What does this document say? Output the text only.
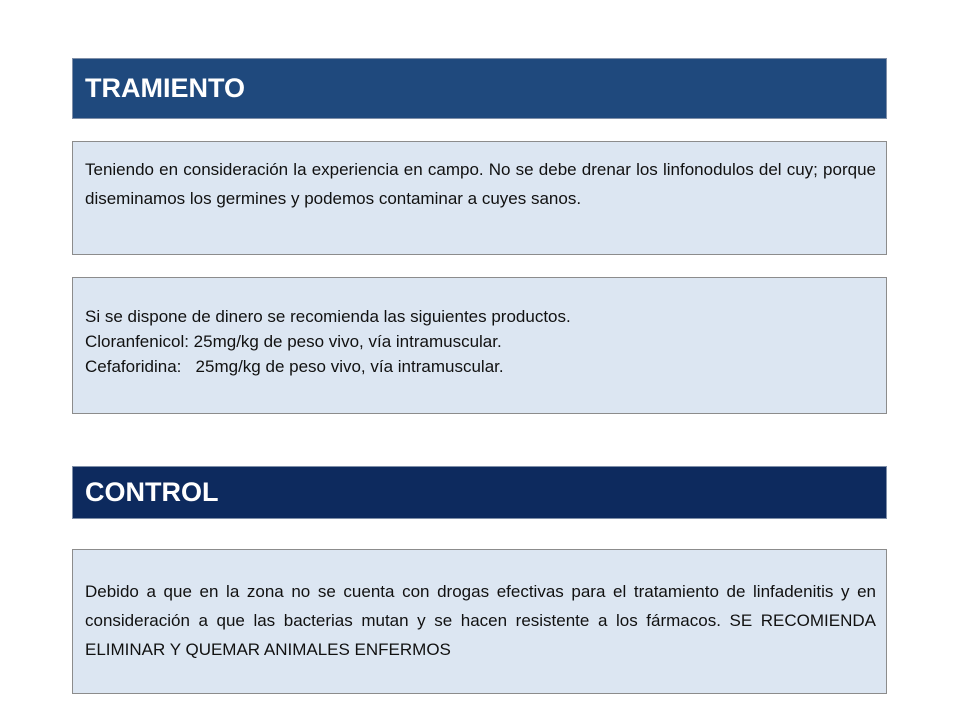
TRAMIENTO
Teniendo en consideración la experiencia en campo. No se debe drenar los linfonodulos del cuy; porque diseminamos los germines y podemos contaminar a cuyes sanos.
Si se dispone de dinero se recomienda las siguientes productos.
Cloranfenicol: 25mg/kg de peso vivo, vía intramuscular.
Cefaforidina:   25mg/kg de peso vivo, vía intramuscular.
CONTROL
Debido a que en la zona no se cuenta con drogas efectivas para el tratamiento de linfadenitis y en consideración a que las bacterias mutan y se hacen resistente a los fármacos. SE RECOMIENDA ELIMINAR Y QUEMAR ANIMALES ENFERMOS
